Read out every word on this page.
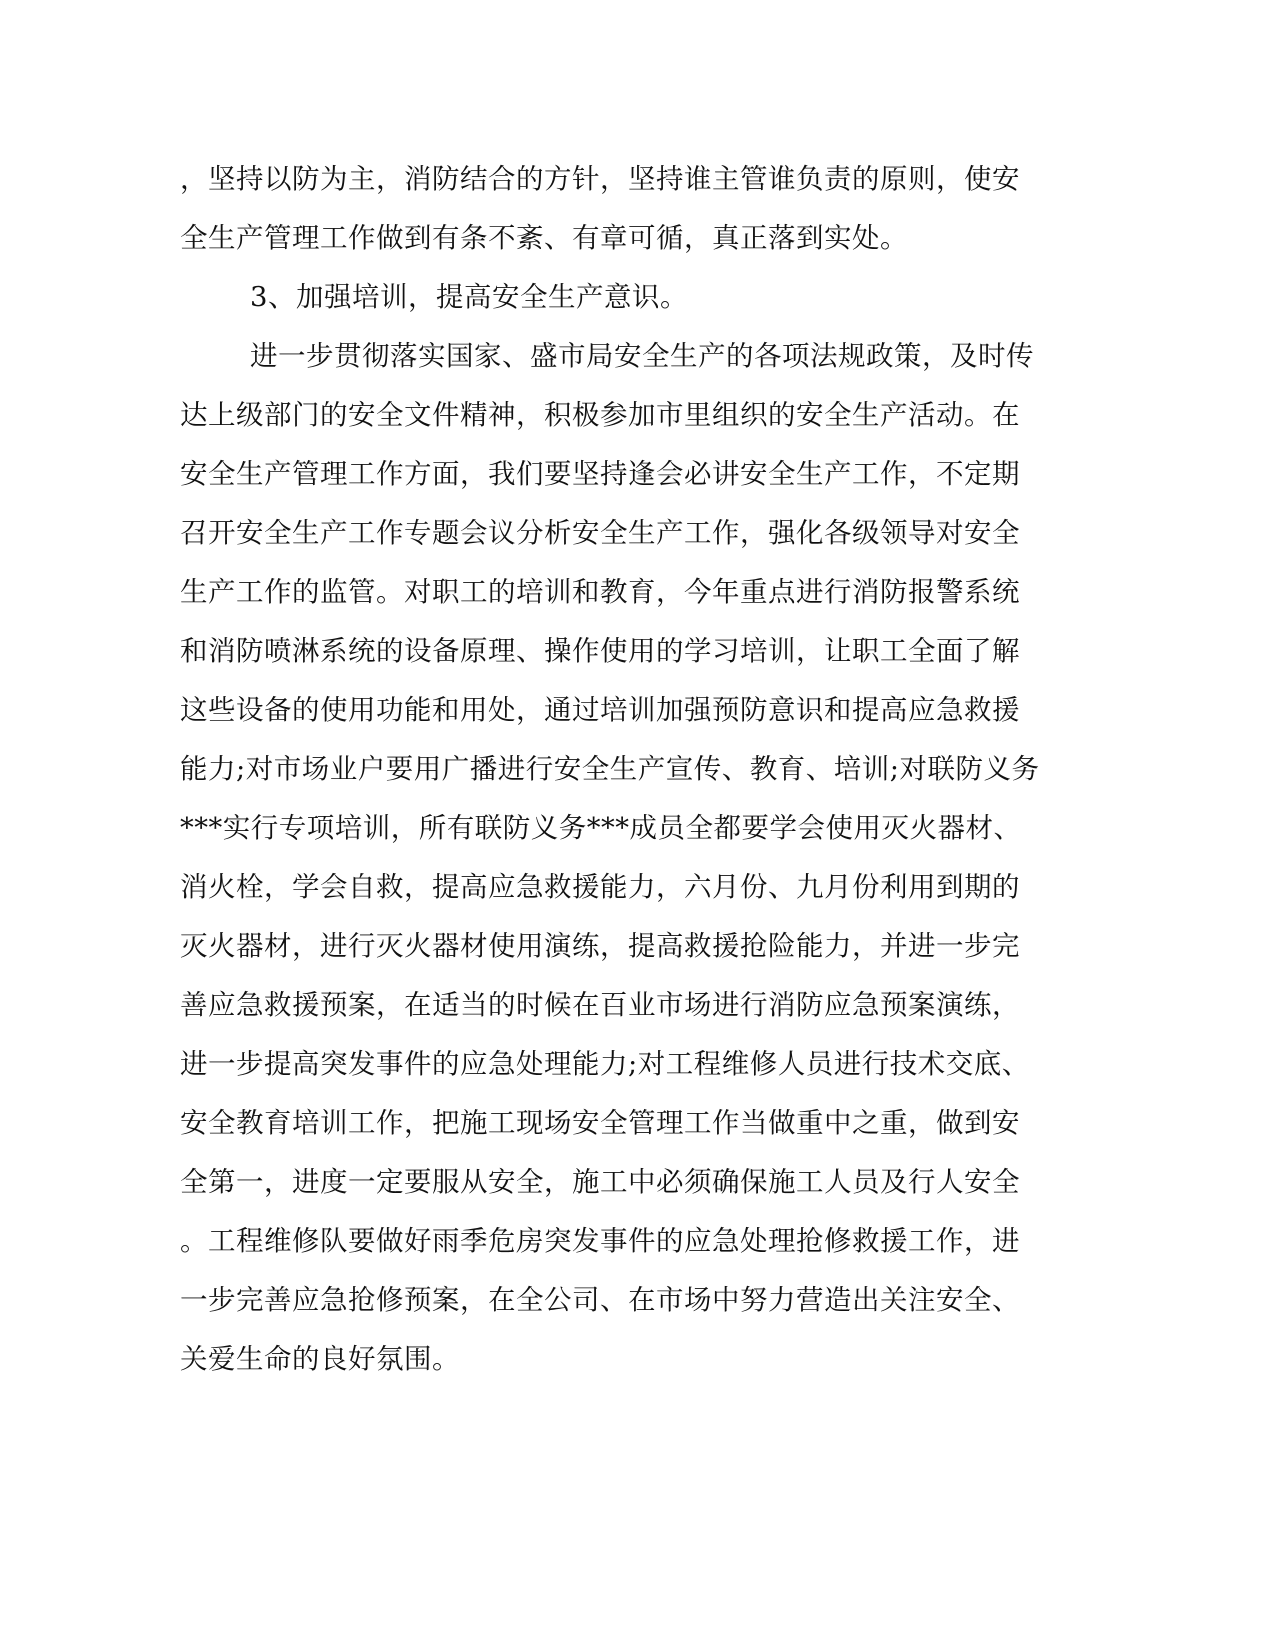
，坚持以防为主，消防结合的方针，坚持谁主管谁负责的原则，使安
全生产管理工作做到有条不紊、有章可循，真正落到实处。
3、加强培训，提高安全生产意识。
进一步贯彻落实国家、盛市局安全生产的各项法规政策，及时传
达上级部门的安全文件精神，积极参加市里组织的安全生产活动。在
安全生产管理工作方面，我们要坚持逢会必讲安全生产工作，不定期
召开安全生产工作专题会议分析安全生产工作，强化各级领导对安全
生产工作的监管。对职工的培训和教育，今年重点进行消防报警系统
和消防喷淋系统的设备原理、操作使用的学习培训，让职工全面了解
这些设备的使用功能和用处，通过培训加强预防意识和提高应急救援
能力;对市场业户要用广播进行安全生产宣传、教育、培训;对联防义务
***实行专项培训，所有联防义务***成员全都要学会使用灭火器材、
消火栓，学会自救，提高应急救援能力，六月份、九月份利用到期的
灭火器材，进行灭火器材使用演练，提高救援抢险能力，并进一步完
善应急救援预案，在适当的时候在百业市场进行消防应急预案演练，
进一步提高突发事件的应急处理能力;对工程维修人员进行技术交底、
安全教育培训工作，把施工现场安全管理工作当做重中之重，做到安
全第一，进度一定要服从安全，施工中必须确保施工人员及行人安全
。工程维修队要做好雨季危房突发事件的应急处理抢修救援工作，进
一步完善应急抢修预案，在全公司、在市场中努力营造出关注安全、
关爱生命的良好氛围。
